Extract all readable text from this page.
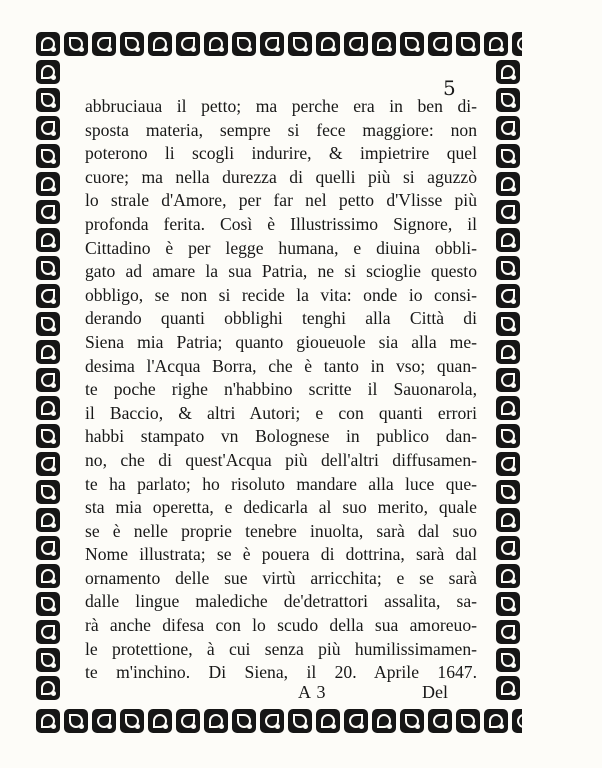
5
abbruciaua il petto; ma perche era in ben di-
sposta materia, sempre si fece maggiore: non
poterono li scogli indurire, & impietrire quel
cuore; ma nella durezza di quelli più si aguzzò
lo strale d'Amore, per far nel petto d'Vlisse più
profonda ferita. Così è Illustrissimo Signore, il
Cittadino è per legge humana, e diuina obbli-
gato ad amare la sua Patria, ne si scioglie questo
obbligo, se non si recide la vita: onde io consi-
derando quanti obblighi tenghi alla Città di
Siena mia Patria; quanto gioueuole sia alla me-
desima l'Acqua Borra, che è tanto in vso; quan-
te poche righe n'habbino scritte il Sauonarola,
il Baccio, & altri Autori; e con quanti errori
habbi stampato vn Bolognese in publico dan-
no, che di quest'Acqua più dell'altri diffusamen-
te ha parlato; ho risoluto mandare alla luce que-
sta mia operetta, e dedicarla al suo merito, quale
se è nelle proprie tenebre inuolta, sarà dal suo
Nome illustrata; se è pouera di dottrina, sarà dal
ornamento delle sue virtù arricchita; e se sarà
dalle lingue malediche de'detrattori assalita, sa-
rà anche difesa con lo scudo della sua amoreuo-
le protettione, à cui senza più humilissimamen-
te m'inchino. Di Siena, il 20. Aprile 1647.
A 3	Del
